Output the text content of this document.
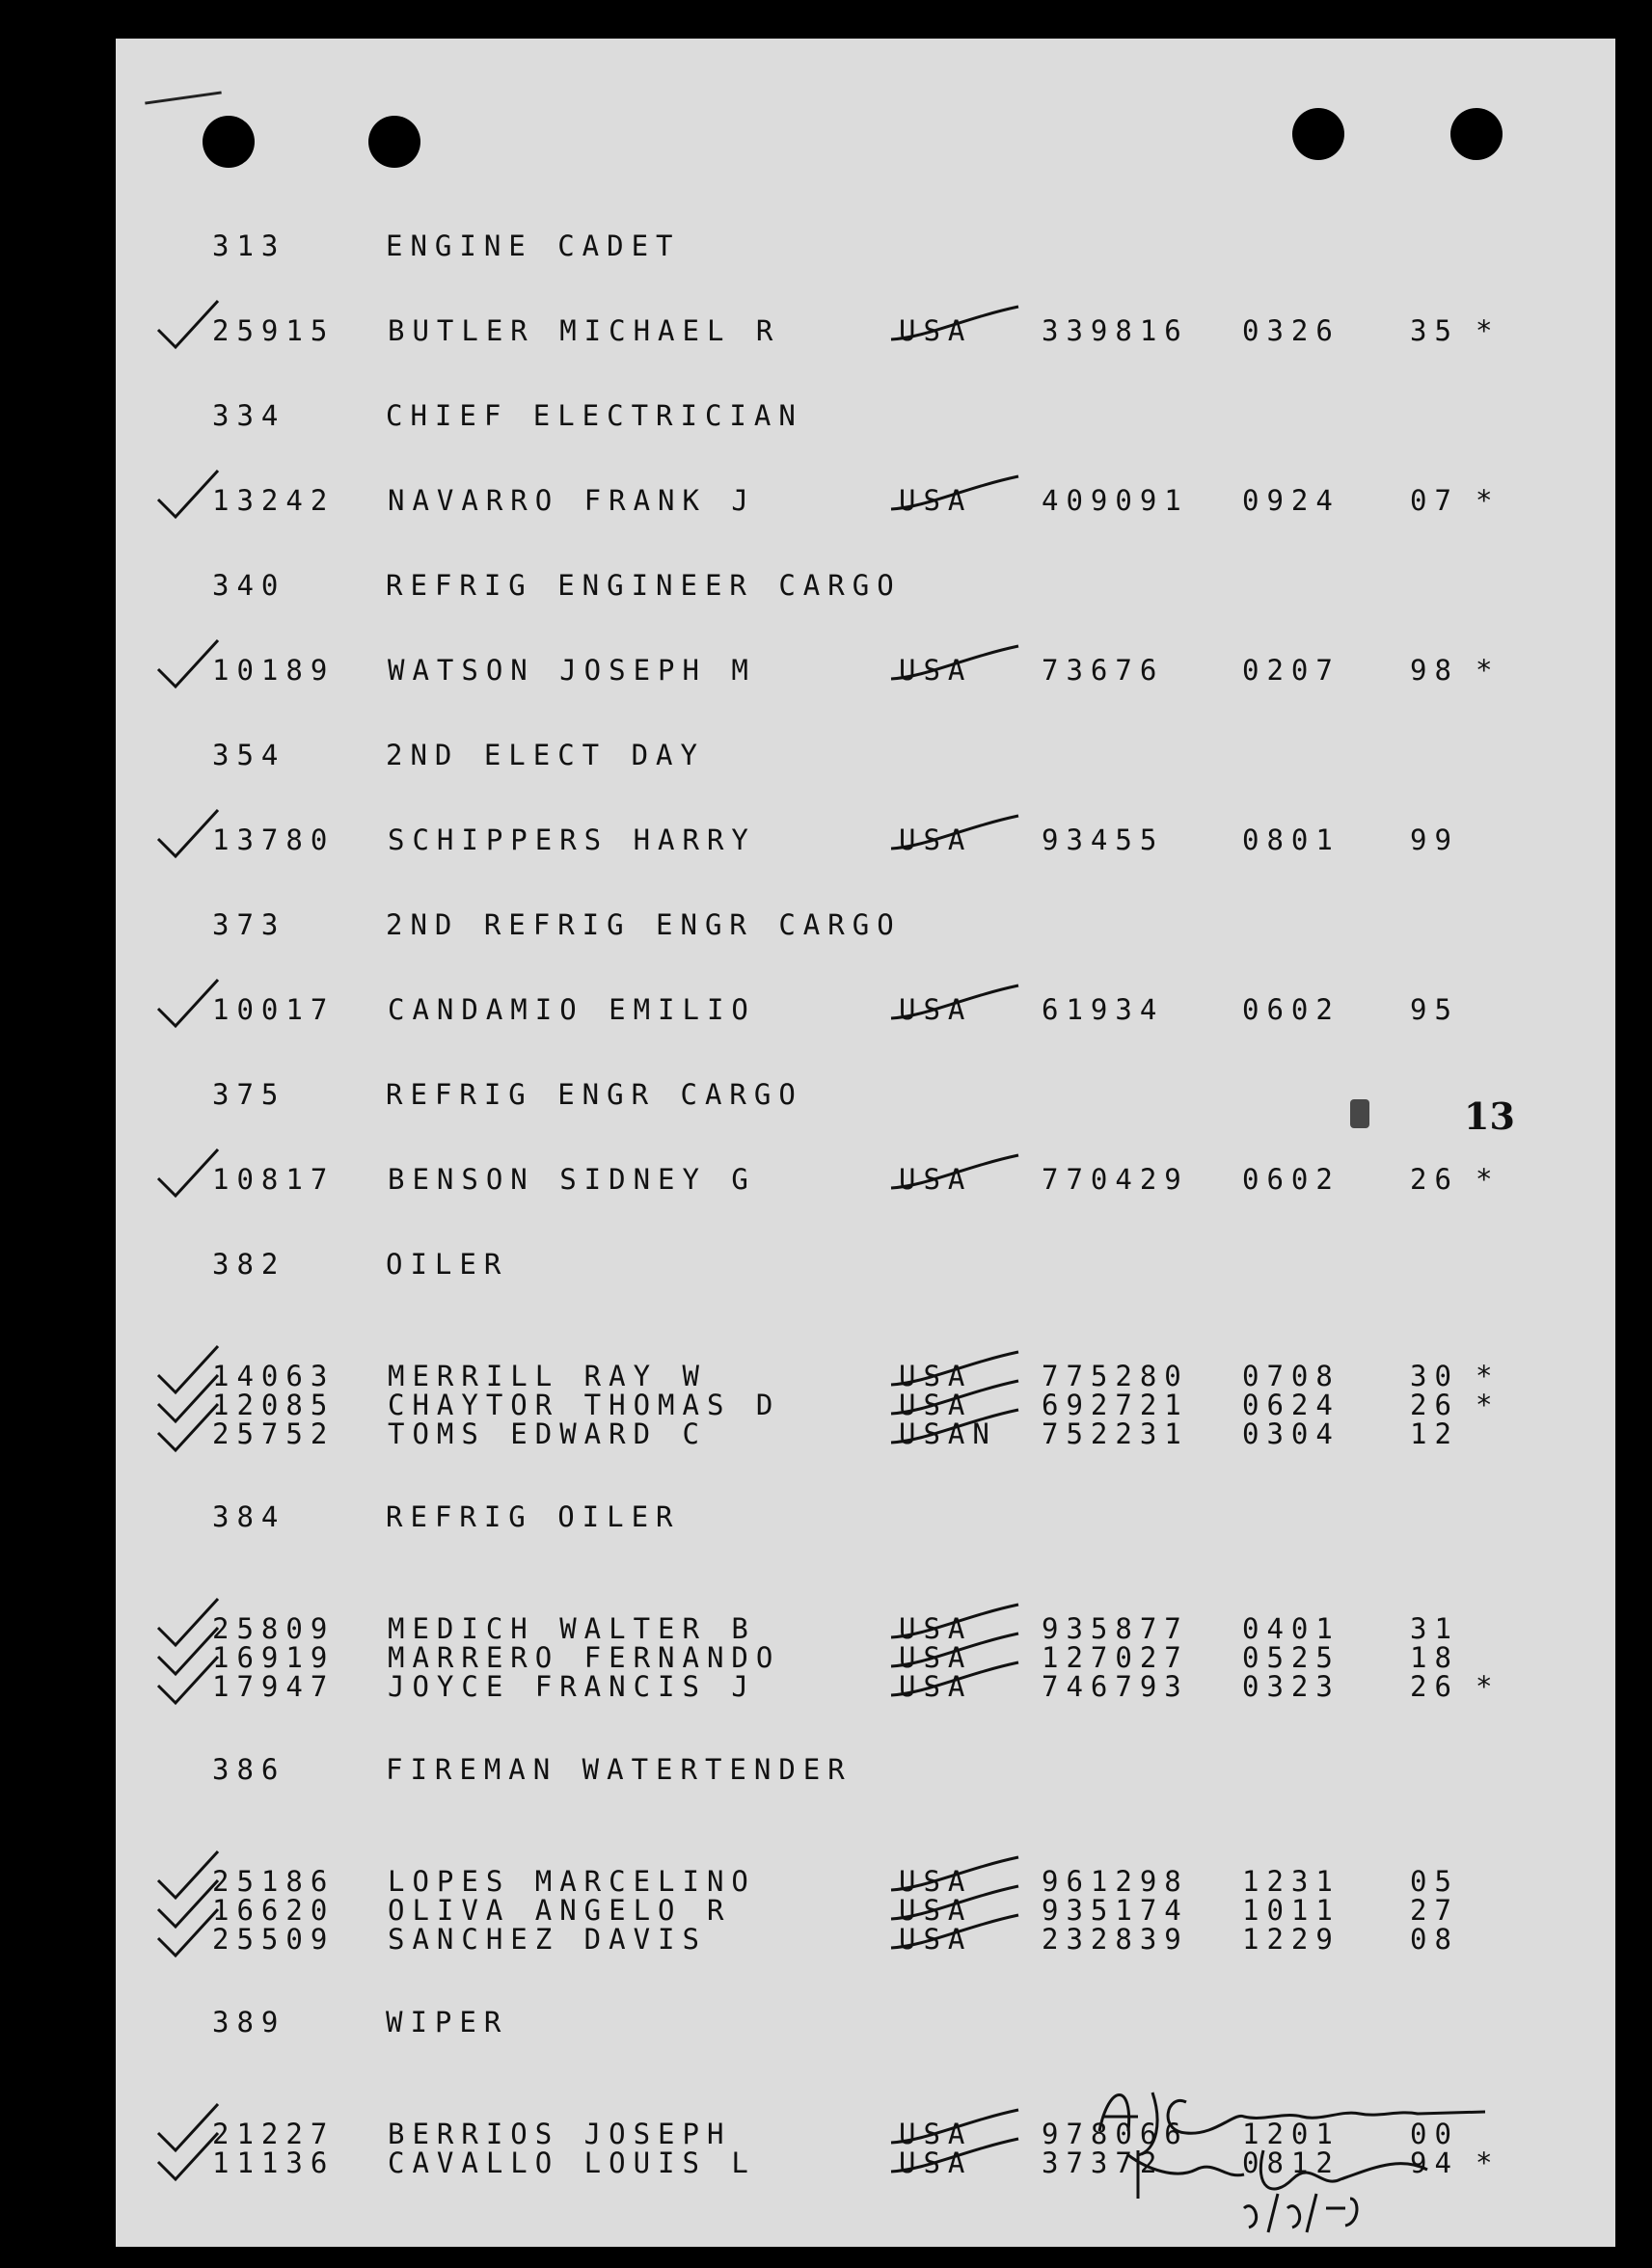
313	ENGINE CADET
25915 BUTLER MICHAEL R	USA 339816 0326 35 *
334	CHIEF ELECTRICIAN
13242 NAVARRO FRANK J	USA 409091 0924 07 *
340	REFRIG ENGINEER CARGO
10189 WATSON JOSEPH M	USA 73676	0207 98 *
354	2ND ELECT DAY
13780 SCHIPPERS HARRY	USA 93455	0801 99
373	2ND REFRIG ENGR CARGO
10017 CANDAMIO EMILIO	USA 61934	0602 95
375	REFRIG ENGR CARGO
10817 BENSON SIDNEY G	USA 770429 0602 26 *
382	OILER
14063 MERRILL RAY W	USA 775280 0708 30 *
12085 CHAYTOR THOMAS D	USA 692721 0624 26 *
25752 TOMS EDWARD C	USAN 752231 0304 12
384	REFRIG OILER
25809 MEDICH WALTER B	USA 935877 0401 31
16919 MARRERO FERNANDO	USA 127027 0525 18
17947 JOYCE FRANCIS J	USA 746793 0323 26 *
386	FIREMAN WATERTENDER
25186 LOPES MARCELINO	USA 961298 1231 05
16620 OLIVA ANGELO R	USA 935174 1011 27
25509 SANCHEZ DAVIS	USA 232839 1229 08
389	WIPER
21227 BERRIOS JOSEPH	USA 978066 1201 00
11136 CAVALLO LOUIS L	USA 37372	0812 94 *
13
